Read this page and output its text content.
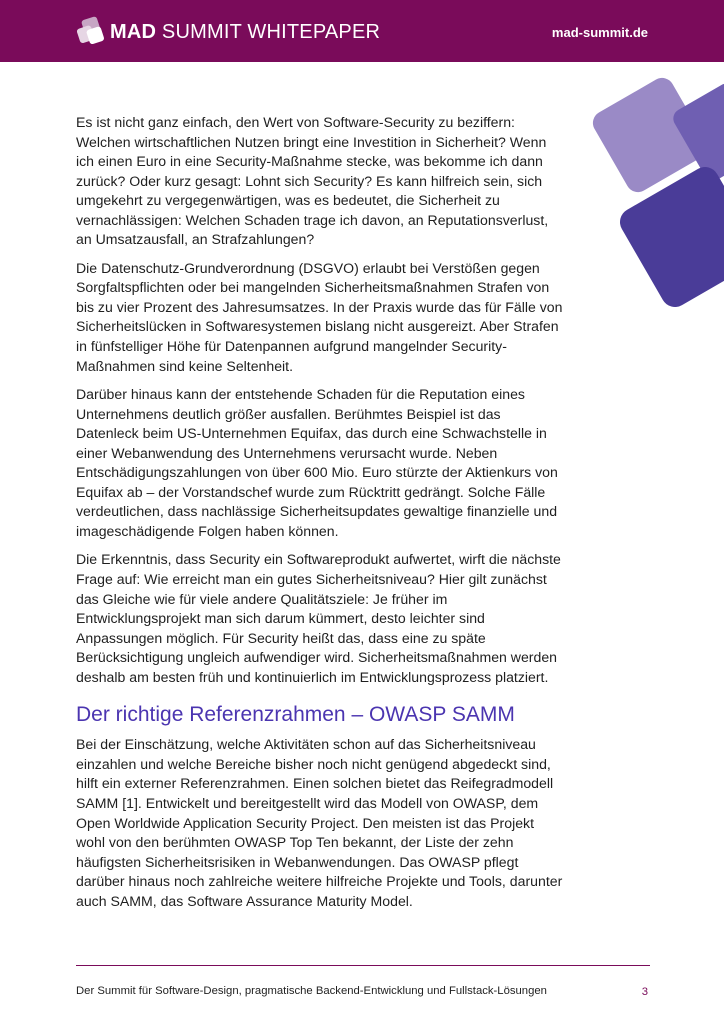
MAD SUMMIT WHITEPAPER	mad-summit.de

Es ist nicht ganz einfach, den Wert von Software-Security zu beziffern: Welchen wirtschaftlichen Nutzen bringt eine Investition in Sicherheit? Wenn ich einen Euro in eine Security-Maßnahme stecke, was bekomme ich dann zurück? Oder kurz gesagt: Lohnt sich Security? Es kann hilfreich sein, sich umgekehrt zu vergegenwärtigen, was es bedeutet, die Sicherheit zu vernachlässigen: Welchen Schaden trage ich davon, an Reputationsverlust, an Umsatzausfall, an Strafzahlungen?

Die Datenschutz-Grundverordnung (DSGVO) erlaubt bei Verstößen gegen Sorgfaltspflichten oder bei mangelnden Sicherheitsmaßnahmen Strafen von bis zu vier Prozent des Jahresumsatzes. In der Praxis wurde das für Fälle von Sicherheitslücken in Softwaresystemen bislang nicht ausgereizt. Aber Strafen in fünfstelliger Höhe für Datenpannen aufgrund mangelnder Security-Maßnahmen sind keine Seltenheit.

Darüber hinaus kann der entstehende Schaden für die Reputation eines Unternehmens deutlich größer ausfallen. Berühmtes Beispiel ist das Datenleck beim US-Unternehmen Equifax, das durch eine Schwachstelle in einer Webanwendung des Unternehmens verursacht wurde. Neben Entschädigungszahlungen von über 600 Mio. Euro stürzte der Aktienkurs von Equifax ab – der Vorstandschef wurde zum Rücktritt gedrängt. Solche Fälle verdeutlichen, dass nachlässige Sicherheitsupdates gewaltige finanzielle und imageschädigende Folgen haben können.

Die Erkenntnis, dass Security ein Softwareprodukt aufwertet, wirft die nächste Frage auf: Wie erreicht man ein gutes Sicherheitsniveau? Hier gilt zunächst das Gleiche wie für viele andere Qualitätsziele: Je früher im Entwicklungsprojekt man sich darum kümmert, desto leichter sind Anpassungen möglich. Für Security heißt das, dass eine zu späte Berücksichtigung ungleich aufwendiger wird. Sicherheitsmaßnahmen werden deshalb am besten früh und kontinuierlich im Entwicklungsprozess platziert.

Der richtige Referenzrahmen – OWASP SAMM

Bei der Einschätzung, welche Aktivitäten schon auf das Sicherheitsniveau einzahlen und welche Bereiche bisher noch nicht genügend abgedeckt sind, hilft ein externer Referenzrahmen. Einen solchen bietet das Reifegradmodell SAMM [1]. Entwickelt und bereitgestellt wird das Modell von OWASP, dem Open Worldwide Application Security Project. Den meisten ist das Projekt wohl von den berühmten OWASP Top Ten bekannt, der Liste der zehn häufigsten Sicherheitsrisiken in Webanwendungen. Das OWASP pflegt darüber hinaus noch zahlreiche weitere hilfreiche Projekte und Tools, darunter auch SAMM, das Software Assurance Maturity Model.

Der Summit für Software-Design, pragmatische Backend-Entwicklung und Fullstack-Lösungen	3
